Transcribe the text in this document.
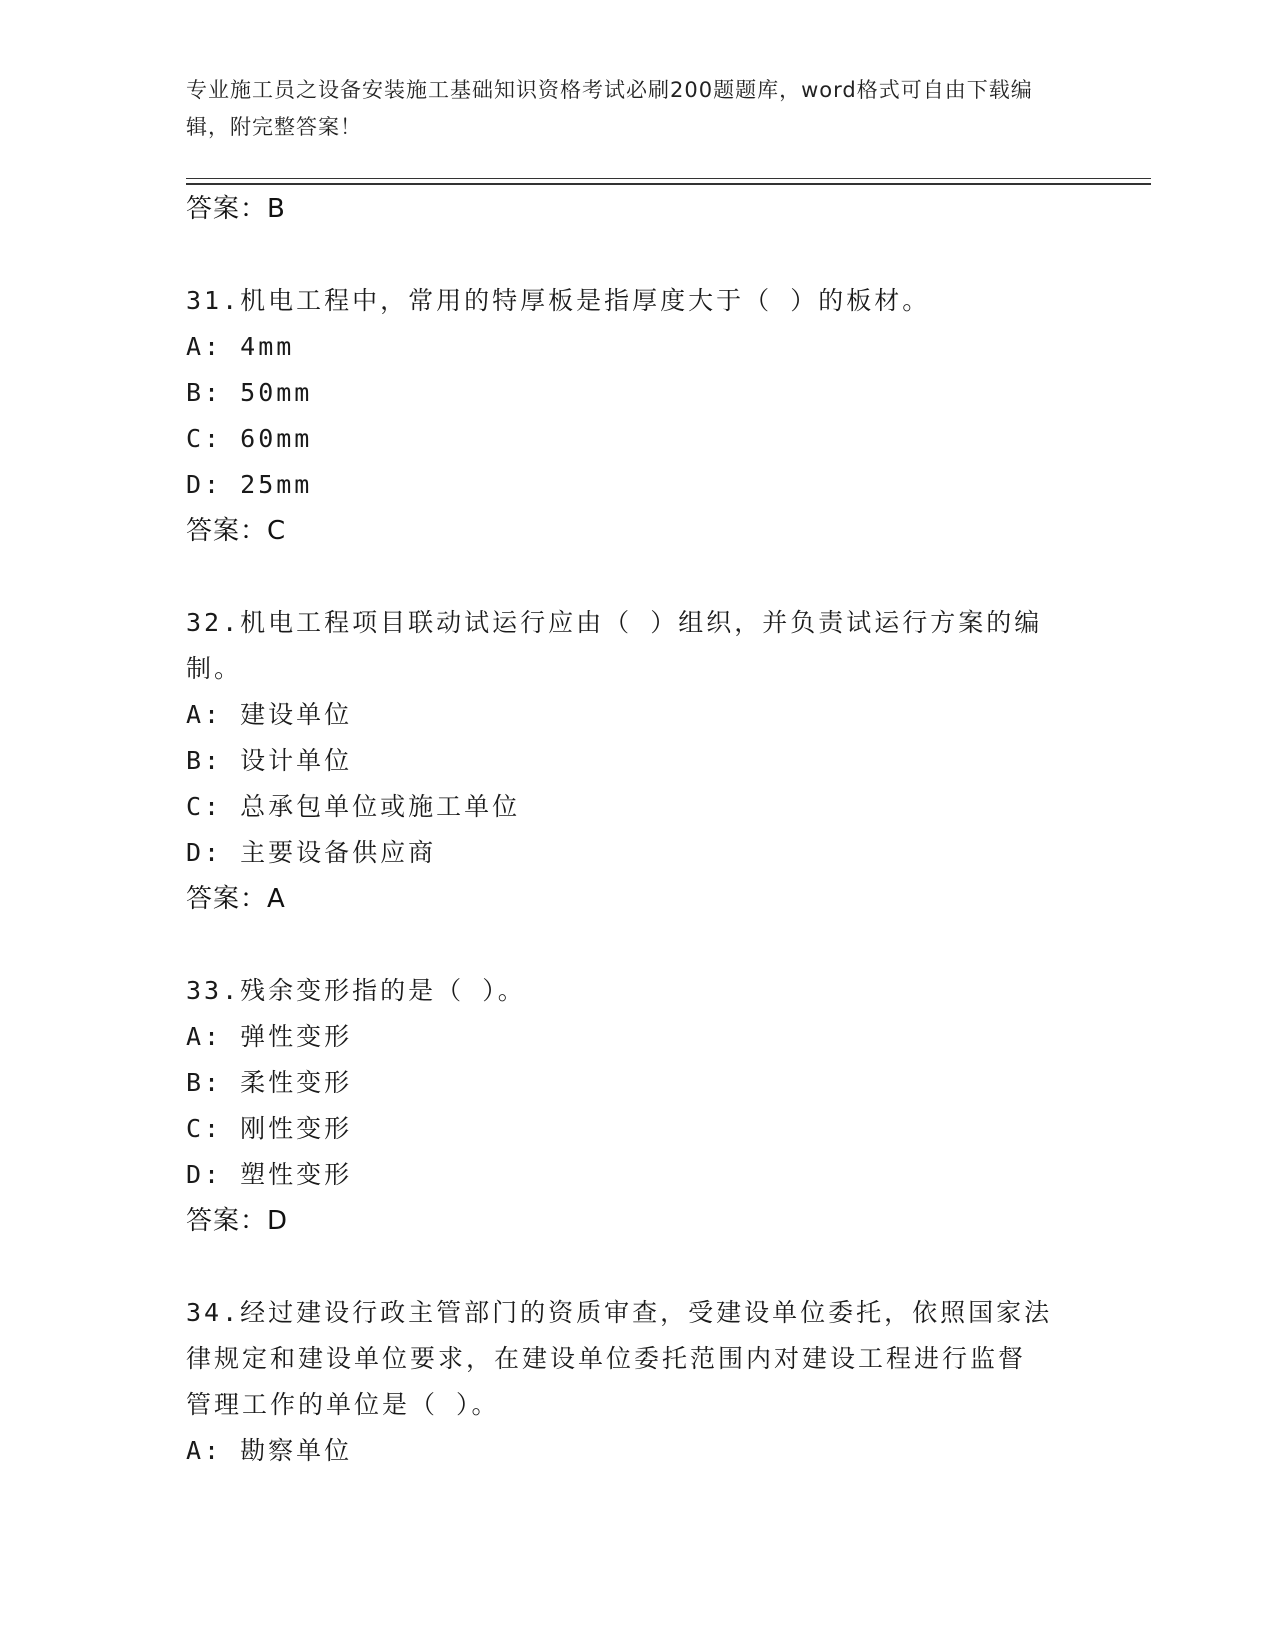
专业施工员之设备安装施工基础知识资格考试必刷200题题库，word格式可自由下载编辑，附完整答案！
答案：B
31.机电工程中，常用的特厚板是指厚度大于（ ）的板材。
A: 4mm
B: 50mm
C: 60mm
D: 25mm
答案：C
32.机电工程项目联动试运行应由（ ）组织，并负责试运行方案的编
制。
A: 建设单位
B: 设计单位
C: 总承包单位或施工单位
D: 主要设备供应商
答案：A
33.残余变形指的是（ ）。
A: 弹性变形
B: 柔性变形
C: 刚性变形
D: 塑性变形
答案：D
34.经过建设行政主管部门的资质审查，受建设单位委托，依照国家法
律规定和建设单位要求，在建设单位委托范围内对建设工程进行监督
管理工作的单位是（ ）。
A: 勘察单位
